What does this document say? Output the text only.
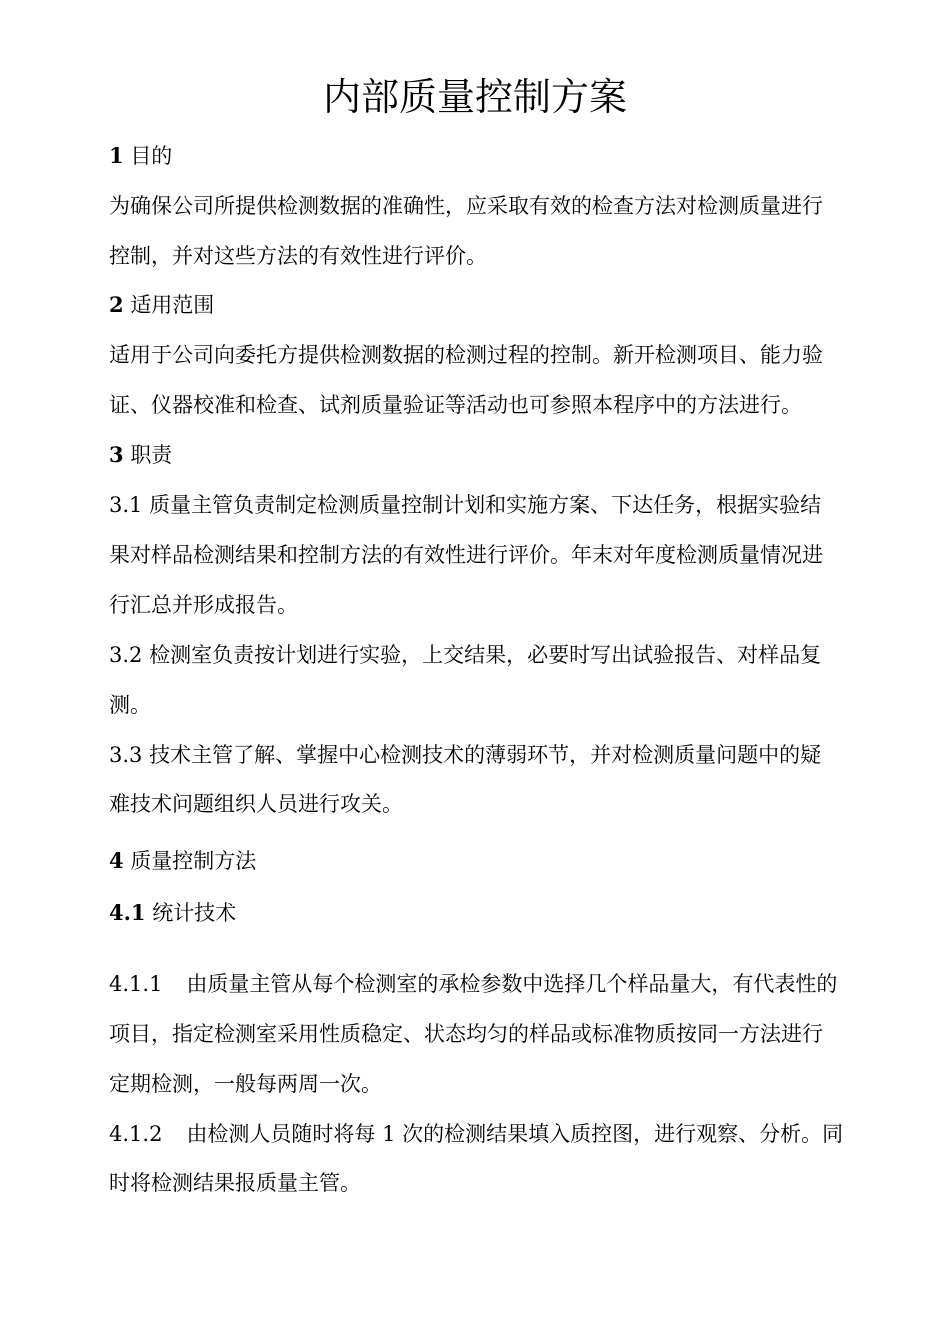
内部质量控制方案
1 目的
为确保公司所提供检测数据的准确性，应采取有效的检查方法对检测质量进行
控制，并对这些方法的有效性进行评价。
2 适用范围
适用于公司向委托方提供检测数据的检测过程的控制。新开检测项目、能力验
证、仪器校准和检查、试剂质量验证等活动也可参照本程序中的方法进行。
3 职责
3.1 质量主管负责制定检测质量控制计划和实施方案、下达任务，根据实验结
果对样品检测结果和控制方法的有效性进行评价。年末对年度检测质量情况进
行汇总并形成报告。
3.2 检测室负责按计划进行实验，上交结果，必要时写出试验报告、对样品复
测。
3.3 技术主管了解、掌握中心检测技术的薄弱环节，并对检测质量问题中的疑
难技术问题组织人员进行攻关。
4 质量控制方法
4.1 统计技术
4.1.1 由质量主管从每个检测室的承检参数中选择几个样品量大，有代表性的
项目，指定检测室采用性质稳定、状态均匀的样品或标准物质按同一方法进行
定期检测，一般每两周一次。
4.1.2 由检测人员随时将每 1 次的检测结果填入质控图，进行观察、分析。同
时将检测结果报质量主管。
